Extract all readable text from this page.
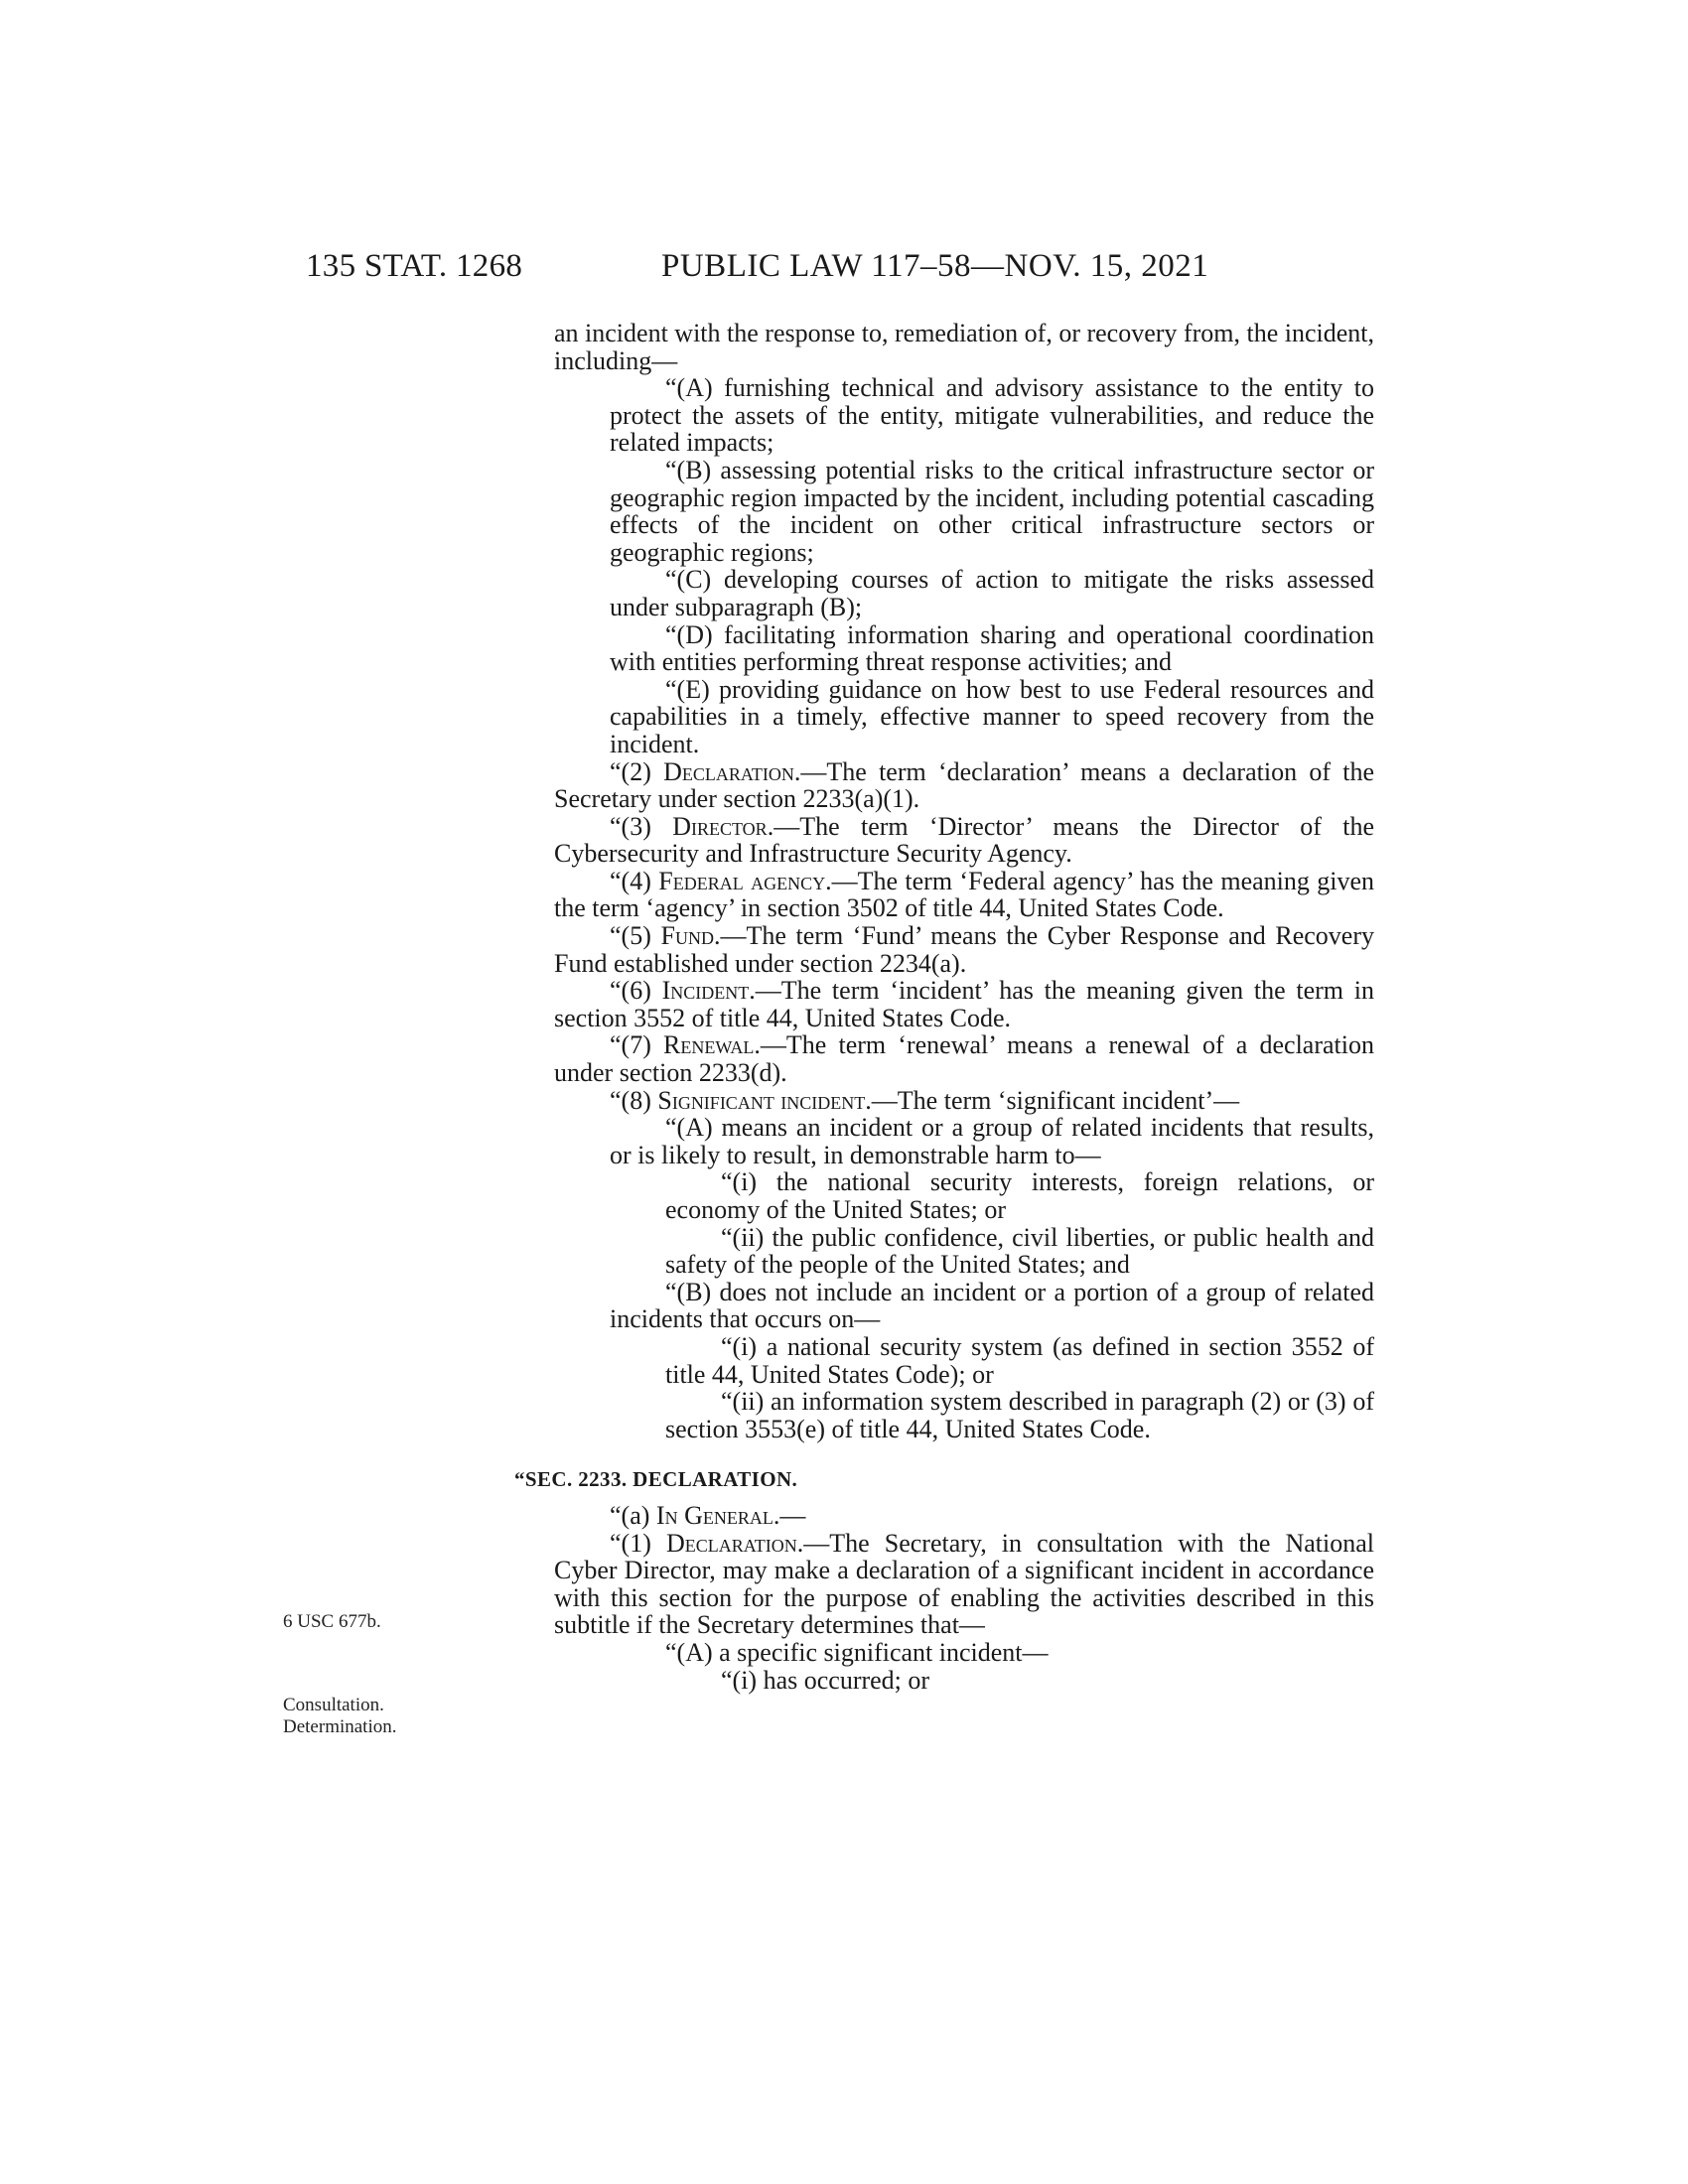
135 STAT. 1268	PUBLIC LAW 117–58—NOV. 15, 2021
6 USC 677b.
Consultation.
Determination.

an incident with the response to, remediation of, or recovery from, the incident, including—

“(A) furnishing technical and advisory assistance to the entity to protect the assets of the entity, mitigate vulnerabilities, and reduce the related impacts;

“(B) assessing potential risks to the critical infrastructure sector or geographic region impacted by the incident, including potential cascading effects of the incident on other critical infrastructure sectors or geographic regions;

“(C) developing courses of action to mitigate the risks assessed under subparagraph (B);

“(D) facilitating information sharing and operational coordination with entities performing threat response activities; and

“(E) providing guidance on how best to use Federal resources and capabilities in a timely, effective manner to speed recovery from the incident.

“(2) Declaration.—The term ‘declaration’ means a declaration of the Secretary under section 2233(a)(1).

“(3) Director.—The term ‘Director’ means the Director of the Cybersecurity and Infrastructure Security Agency.

“(4) Federal agency.—The term ‘Federal agency’ has the meaning given the term ‘agency’ in section 3502 of title 44, United States Code.

“(5) Fund.—The term ‘Fund’ means the Cyber Response and Recovery Fund established under section 2234(a).

“(6) Incident.—The term ‘incident’ has the meaning given the term in section 3552 of title 44, United States Code.

“(7) Renewal.—The term ‘renewal’ means a renewal of a declaration under section 2233(d).

“(8) Significant incident.—The term ‘significant incident’—

“(A) means an incident or a group of related incidents that results, or is likely to result, in demonstrable harm to—

“(i) the national security interests, foreign relations, or economy of the United States; or

“(ii) the public confidence, civil liberties, or public health and safety of the people of the United States; and

“(B) does not include an incident or a portion of a group of related incidents that occurs on—

“(i) a national security system (as defined in section 3552 of title 44, United States Code); or

“(ii) an information system described in paragraph (2) or (3) of section 3553(e) of title 44, United States Code.

“SEC. 2233. DECLARATION.

“(a) In General.—

“(1) Declaration.—The Secretary, in consultation with the National Cyber Director, may make a declaration of a significant incident in accordance with this section for the purpose of enabling the activities described in this subtitle if the Secretary determines that—

“(A) a specific significant incident—

“(i) has occurred; or
